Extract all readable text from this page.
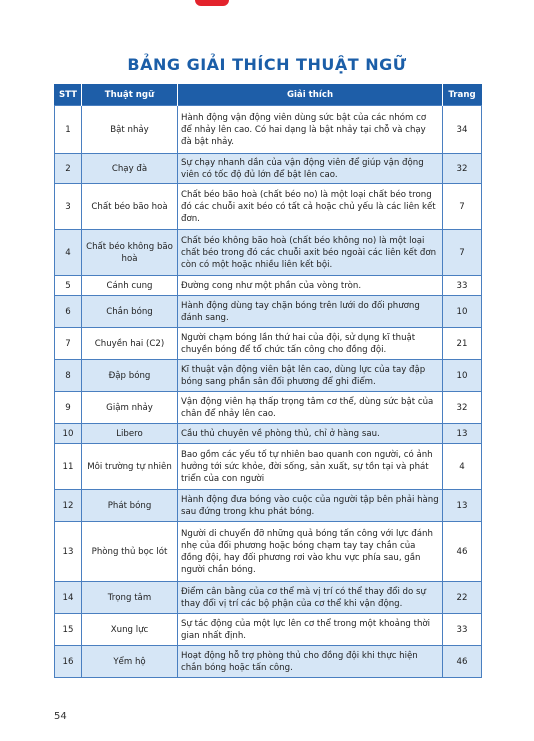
BẢNG GIẢI THÍCH THUẬT NGỮ
STT	Thuật ngữ	Giải thích	Trang
1	Bật nhảy	Hành động vận động viên dùng sức bật của các nhóm cơ để nhảy lên cao. Có hai dạng là bật nhảy tại chỗ và chạy đà bật nhảy.	34
2	Chạy đà	Sự chạy nhanh dần của vận động viên để giúp vận động viên có tốc độ đủ lớn để bật lên cao.	32
3	Chất béo bão hoà	Chất béo bão hoà (chất béo no) là một loại chất béo trong đó các chuỗi axit béo có tất cả hoặc chủ yếu là các liên kết đơn.	7
4	Chất béo không bão hoà	Chất béo không bão hoà (chất béo không no) là một loại chất béo trong đó các chuỗi axit béo ngoài các liên kết đơn còn có một hoặc nhiều liên kết bội.	7
5	Cánh cung	Đường cong như một phần của vòng tròn.	33
6	Chắn bóng	Hành động dùng tay chặn bóng trên lưới do đối phương đánh sang.	10
7	Chuyền hai (C2)	Người chạm bóng lần thứ hai của đội, sử dụng kĩ thuật chuyền bóng để tổ chức tấn công cho đồng đội.	21
8	Đập bóng	Kĩ thuật vận động viên bật lên cao, dùng lực của tay đập bóng sang phần sân đối phương để ghi điểm.	10
9	Giậm nhảy	Vận động viên hạ thấp trọng tâm cơ thể, dùng sức bật của chân để nhảy lên cao.	32
10	Libero	Cầu thủ chuyên về phòng thủ, chỉ ở hàng sau.	13
11	Môi trường tự nhiên	Bao gồm các yếu tố tự nhiên bao quanh con người, có ảnh hưởng tới sức khỏe, đời sống, sản xuất, sự tồn tại và phát triển của con người	4
12	Phát bóng	Hành động đưa bóng vào cuộc của người tập bên phải hàng sau đứng trong khu phát bóng.	13
13	Phòng thủ bọc lót	Người di chuyển đỡ những quả bóng tấn công với lực đánh nhẹ của đối phương hoặc bóng chạm tay tay chắn của đồng đội, hay đối phương rơi vào khu vực phía sau, gần người chắn bóng.	46
14	Trọng tâm	Điểm cân bằng của cơ thể mà vị trí có thể thay đổi do sự thay đổi vị trí các bộ phận của cơ thể khi vận động.	22
15	Xung lực	Sự tác động của một lực lên cơ thể trong một khoảng thời gian nhất định.	33
16	Yểm hộ	Hoạt động hỗ trợ phòng thủ cho đồng đội khi thực hiện chắn bóng hoặc tấn công.	46
54
